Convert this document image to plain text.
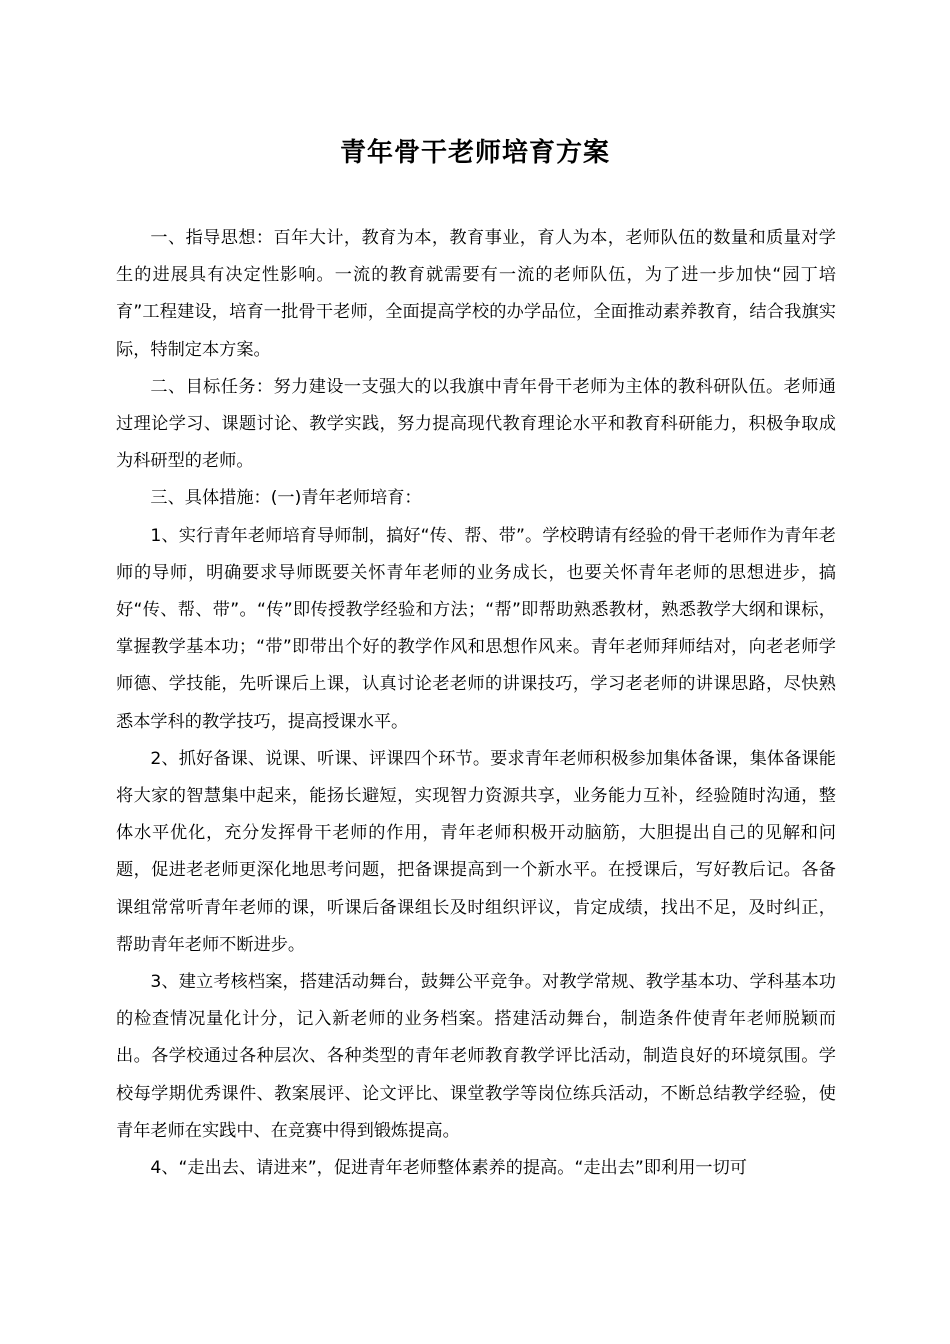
青年骨干老师培育方案

一、指导思想：百年大计，教育为本，教育事业，育人为本，老师队伍的数量和质量对学生的进展具有决定性影响。一流的教育就需要有一流的老师队伍，为了进一步加快“园丁培育”工程建设，培育一批骨干老师，全面提高学校的办学品位，全面推动素养教育，结合我旗实际，特制定本方案。

二、目标任务：努力建设一支强大的以我旗中青年骨干老师为主体的教科研队伍。老师通过理论学习、课题讨论、教学实践，努力提高现代教育理论水平和教育科研能力，积极争取成为科研型的老师。

三、具体措施：(一)青年老师培育：

1、实行青年老师培育导师制，搞好“传、帮、带”。学校聘请有经验的骨干老师作为青年老师的导师，明确要求导师既要关怀青年老师的业务成长，也要关怀青年老师的思想进步，搞好“传、帮、带”。“传”即传授教学经验和方法；“帮”即帮助熟悉教材，熟悉教学大纲和课标，掌握教学基本功；“带”即带出个好的教学作风和思想作风来。青年老师拜师结对，向老老师学师德、学技能，先听课后上课，认真讨论老老师的讲课技巧，学习老老师的讲课思路，尽快熟悉本学科的教学技巧，提高授课水平。

2、抓好备课、说课、听课、评课四个环节。要求青年老师积极参加集体备课，集体备课能将大家的智慧集中起来，能扬长避短，实现智力资源共享，业务能力互补，经验随时沟通，整体水平优化，充分发挥骨干老师的作用，青年老师积极开动脑筋，大胆提出自己的见解和问题，促进老老师更深化地思考问题，把备课提高到一个新水平。在授课后，写好教后记。各备课组常常听青年老师的课，听课后备课组长及时组织评议，肯定成绩，找出不足，及时纠正，帮助青年老师不断进步。

3、建立考核档案，搭建活动舞台，鼓舞公平竞争。对教学常规、教学基本功、学科基本功的检查情况量化计分，记入新老师的业务档案。搭建活动舞台，制造条件使青年老师脱颖而出。各学校通过各种层次、各种类型的青年老师教育教学评比活动，制造良好的环境氛围。学校每学期优秀课件、教案展评、论文评比、课堂教学等岗位练兵活动，不断总结教学经验，使青年老师在实践中、在竞赛中得到锻炼提高。

4、“走出去、请进来”，促进青年老师整体素养的提高。“走出去”即利用一切可
